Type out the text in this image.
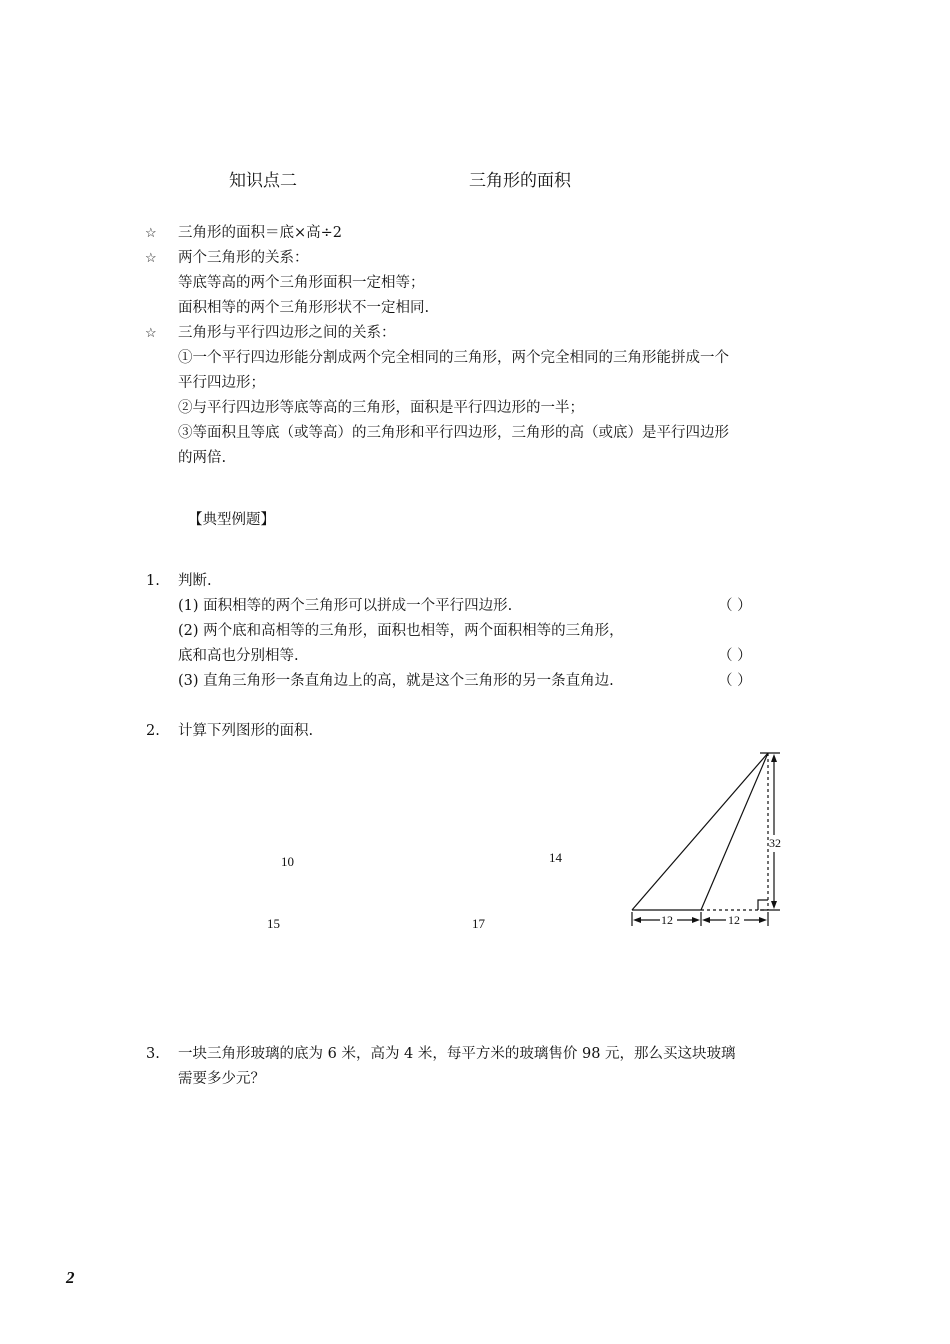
知识点二	三角形的面积
☆ 三角形的面积＝底×高÷2
☆ 两个三角形的关系：
等底等高的两个三角形面积一定相等；
面积相等的两个三角形形状不一定相同.
☆ 三角形与平行四边形之间的关系：
①一个平行四边形能分割成两个完全相同的三角形，两个完全相同的三角形能拼成一个
平行四边形；
②与平行四边形等底等高的三角形，面积是平行四边形的一半；
③等面积且等底（或等高）的三角形和平行四边形，三角形的高（或底）是平行四边形
的两倍.
【典型例题】
1. 判断.
(1) 面积相等的两个三角形可以拼成一个平行四边形.	（ ）
(2) 两个底和高相等的三角形，面积也相等，两个面积相等的三角形，
底和高也分别相等.	（ ）
(3) 直角三角形一条直角边上的高，就是这个三角形的另一条直角边.	（ ）
2. 计算下列图形的面积.
10
15
14
17
32
12	12
3. 一块三角形玻璃的底为 6 米，高为 4 米，每平方米的玻璃售价 98 元，那么买这块玻璃
需要多少元？
2
